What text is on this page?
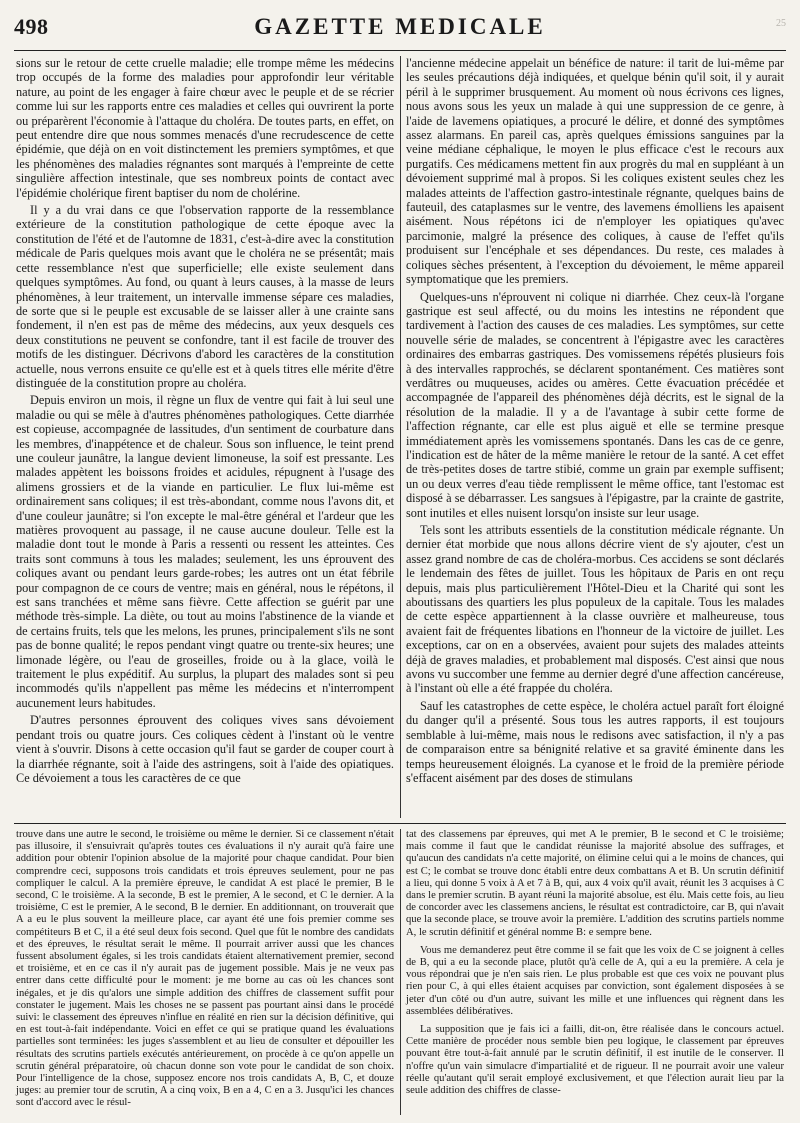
498	GAZETTE MEDICALE	25

sions sur le retour de cette cruelle maladie; elle trompe même les médecins trop occupés de la forme des maladies pour approfondir leur véritable nature, au point de les engager à faire chœur avec le peuple et de se récrier comme lui sur les rapports entre ces maladies et celles qui ouvrirent la porte ou préparèrent l'économie à l'attaque du choléra. De toutes parts, en effet, on peut entendre dire que nous sommes menacés d'une recrudescence de cette épidémie, que déjà on en voit distinctement les premiers symptômes, et que les phénomènes des maladies régnantes sont marqués à l'empreinte de cette singulière affection intestinale, que ses nombreux points de contact avec l'épidémie cholérique firent baptiser du nom de cholérine.

Il y a du vrai dans ce que l'observation rapporte de la ressemblance extérieure de la constitution pathologique de cette époque avec la constitution de l'été et de l'automne de 1831, c'est-à-dire avec la constitution médicale de Paris quelques mois avant que le choléra ne se présentât; mais cette ressemblance n'est que superficielle; elle existe seulement dans quelques symptômes. Au fond, ou quant à leurs causes, à la masse de leurs phénomènes, à leur traitement, un intervalle immense sépare ces maladies, de sorte que si le peuple est excusable de se laisser aller à une crainte sans fondement, il n'en est pas de même des médecins, aux yeux desquels ces deux constitutions ne peuvent se confondre, tant il est facile de trouver des motifs de les distinguer. Décrivons d'abord les caractères de la constitution actuelle, nous verrons ensuite ce qu'elle est et à quels titres elle mérite d'être distinguée de la constitution propre au choléra.

Depuis environ un mois, il règne un flux de ventre qui fait à lui seul une maladie ou qui se mêle à d'autres phénomènes pathologiques. Cette diarrhée est copieuse, accompagnée de lassitudes, d'un sentiment de courbature dans les membres, d'inappétence et de chaleur. Sous son influence, le teint prend une couleur jaunâtre, la langue devient limoneuse, la soif est pressante. Les malades appètent les boissons froides et acidules, répugnent à l'usage des alimens grossiers et de la viande en particulier. Le flux lui-même est ordinairement sans coliques; il est très-abondant, comme nous l'avons dit, et d'une couleur jaunâtre; si l'on excepte le mal-être général et l'ardeur que les matières provoquent au passage, il ne cause aucune douleur. Telle est la maladie dont tout le monde à Paris a ressenti ou ressent les atteintes. Ces traits sont communs à tous les malades; seulement, les uns éprouvent des coliques avant ou pendant leurs garde-robes; les autres ont un état fébrile pour compagnon de ce cours de ventre; mais en général, nous le répétons, il est sans tranchées et même sans fièvre. Cette affection se guérit par une méthode très-simple. La diète, ou tout au moins l'abstinence de la viande et de certains fruits, tels que les melons, les prunes, principalement s'ils ne sont pas de bonne qualité; le repos pendant vingt quatre ou trente-six heures; une limonade légère, ou l'eau de groseilles, froide ou à la glace, voilà le traitement le plus expéditif. Au surplus, la plupart des malades sont si peu incommodés qu'ils n'appellent pas même les médecins et n'interrompent aucunement leurs habitudes.

D'autres personnes éprouvent des coliques vives sans dévoiement pendant trois ou quatre jours. Ces coliques cèdent à l'instant où le ventre vient à s'ouvrir. Disons à cette occasion qu'il faut se garder de couper court à la diarrhée régnante, soit à l'aide des astringens, soit à l'aide des opiatiques. Ce dévoiement a tous les caractères de ce que

l'ancienne médecine appelait un bénéfice de nature: il tarit de lui-même par les seules précautions déjà indiquées, et quelque bénin qu'il soit, il y aurait péril à le supprimer brusquement. Au moment où nous écrivons ces lignes, nous avons sous les yeux un malade à qui une suppression de ce genre, à l'aide de lavemens opiatiques, a procuré le délire, et donné des symptômes assez alarmans. En pareil cas, après quelques émissions sanguines par la veine médiane céphalique, le moyen le plus efficace c'est le recours aux purgatifs. Ces médicamens mettent fin aux progrès du mal en suppléant à un dévoiement supprimé mal à propos. Si les coliques existent seules chez les malades atteints de l'affection gastro-intestinale régnante, quelques bains de fauteuil, des cataplasmes sur le ventre, des lavemens émolliens les apaisent aisément. Nous répétons ici de n'employer les opiatiques qu'avec parcimonie, malgré la présence des coliques, à cause de l'effet qu'ils produisent sur l'encéphale et ses dépendances. Du reste, ces malades à coliques sèches présentent, à l'exception du dévoiement, le même appareil symptomatique que les premiers.

Quelques-uns n'éprouvent ni colique ni diarrhée. Chez ceux-là l'organe gastrique est seul affecté, ou du moins les intestins ne répondent que tardivement à l'action des causes de ces maladies. Les symptômes, sur cette nouvelle série de malades, se concentrent à l'épigastre avec les caractères ordinaires des embarras gastriques. Des vomissemens répétés plusieurs fois à des intervalles rapprochés, se déclarent spontanément. Ces matières sont verdâtres ou muqueuses, acides ou amères. Cette évacuation précédée et accompagnée de l'appareil des phénomènes déjà décrits, est le signal de la résolution de la maladie. Il y a de l'avantage à subir cette forme de l'affection régnante, car elle est plus aiguë et elle se termine presque immédiatement après les vomissemens spontanés. Dans les cas de ce genre, l'indication est de hâter de la même manière le retour de la santé. A cet effet de très-petites doses de tartre stibié, comme un grain par exemple suffisent; un ou deux verres d'eau tiède remplissent le même office, tant l'estomac est disposé à se débarrasser. Les sangsues à l'épigastre, par la crainte de gastrite, sont inutiles et elles nuisent lorsqu'on insiste sur leur usage.

Tels sont les attributs essentiels de la constitution médicale régnante. Un dernier état morbide que nous allons décrire vient de s'y ajouter, c'est un assez grand nombre de cas de choléra-morbus. Ces accidens se sont déclarés le lendemain des fêtes de juillet. Tous les hôpitaux de Paris en ont reçu depuis, mais plus particulièrement l'Hôtel-Dieu et la Charité qui sont les aboutissans des quartiers les plus populeux de la capitale. Tous les malades de cette espèce appartiennent à la classe ouvrière et malheureuse, tous avaient fait de fréquentes libations en l'honneur de la victoire de juillet. Les exceptions, car on en a observées, avaient pour sujets des malades atteints déjà de graves maladies, et probablement mal disposés. C'est ainsi que nous avons vu succomber une femme au dernier degré d'une affection cancéreuse, à l'instant où elle a été frappée du choléra.

Sauf les catastrophes de cette espèce, le choléra actuel paraît fort éloigné du danger qu'il a présenté. Sous tous les autres rapports, il est toujours semblable à lui-même, mais nous le redisons avec satisfaction, il n'y a pas de comparaison entre sa bénignité relative et sa gravité éminente dans les temps heureusement éloignés. La cyanose et le froid de la première période s'effacent aisément par des doses de stimulans

trouve dans une autre le second, le troisième ou même le dernier. Si ce classement n'était pas illusoire, il s'ensuivrait qu'après toutes ces évaluations il n'y aurait qu'à faire une addition pour obtenir l'opinion absolue de la majorité pour chaque candidat. Pour bien comprendre ceci, supposons trois candidats et trois épreuves seulement, pour ne pas compliquer le calcul. A la première épreuve, le candidat A est placé le premier, B le second, C le troisième. A la seconde, B est le premier, A le second, et C le dernier. A la troisième, C est le premier, A le second, B le dernier. En additionnant, on trouverait que A a eu le plus souvent la meilleure place, car ayant été une fois premier comme ses compétiteurs B et C, il a été seul deux fois second. Quel que fût le nombre des candidats et des épreuves, le résultat serait le même. Il pourrait arriver aussi que les chances fussent absolument égales, si les trois candidats étaient alternativement premier, second et troisième, et en ce cas il n'y aurait pas de jugement possible. Mais je ne veux pas entrer dans cette difficulté pour le moment: je me borne au cas où les chances sont inégales, et je dis qu'alors une simple addition des chiffres de classement suffit pour constater le jugement. Mais les choses ne se passent pas pourtant ainsi dans le procédé suivi: le classement des épreuves n'influe en réalité en rien sur la décision définitive, qui en est tout-à-fait indépendante. Voici en effet ce qui se pratique quand les évaluations partielles sont terminées: les juges s'assemblent et au lieu de consulter et dépouiller les résultats des scrutins partiels exécutés antérieurement, on procède à ce qu'on appelle un scrutin général préparatoire, où chacun donne son vote pour le candidat de son choix. Pour l'intelligence de la chose, supposez encore nos trois candidats A, B, C, et douze juges: au premier tour de scrutin, A a cinq voix, B en a 4, C en a 3. Jusqu'ici les chances sont d'accord avec le résul-

tat des classemens par épreuves, qui met A le premier, B le second et C le troisième; mais comme il faut que le candidat réunisse la majorité absolue des suffrages, et qu'aucun des candidats n'a cette majorité, on élimine celui qui a le moins de chances, qui est C; le combat se trouve donc établi entre deux combattans A et B. Un scrutin définitif a lieu, qui donne 5 voix à A et 7 à B, qui, aux 4 voix qu'il avait, réunit les 3 acquises à C dans le premier scrutin. B ayant réuni la majorité absolue, est élu. Mais cette fois, au lieu de concorder avec les classemens anciens, le résultat est contradictoire, car B, qui n'avait que la seconde place, se trouve avoir la première. L'addition des scrutins partiels nomme A, le scrutin définitif et général nomme B: e sempre bene.

Vous me demanderez peut être comme il se fait que les voix de C se joignent à celles de B, qui a eu la seconde place, plutôt qu'à celle de A, qui a eu la première. A cela je vous répondrai que je n'en sais rien. Le plus probable est que ces voix ne pouvant plus rien pour C, à qui elles étaient acquises par conviction, sont également disposées à se jeter d'un côté ou d'un autre, suivant les mille et une influences qui règnent dans les assemblées délibératives.

La supposition que je fais ici a failli, dit-on, être réalisée dans le concours actuel. Cette manière de procéder nous semble bien peu logique, le classement par épreuves pouvant être tout-à-fait annulé par le scrutin définitif, il est inutile de le conserver. Il n'offre qu'un vain simulacre d'impartialité et de rigueur. Il ne pourrait avoir une valeur réelle qu'autant qu'il serait employé exclusivement, et que l'élection aurait lieu par la seule addition des chiffres de classe-
